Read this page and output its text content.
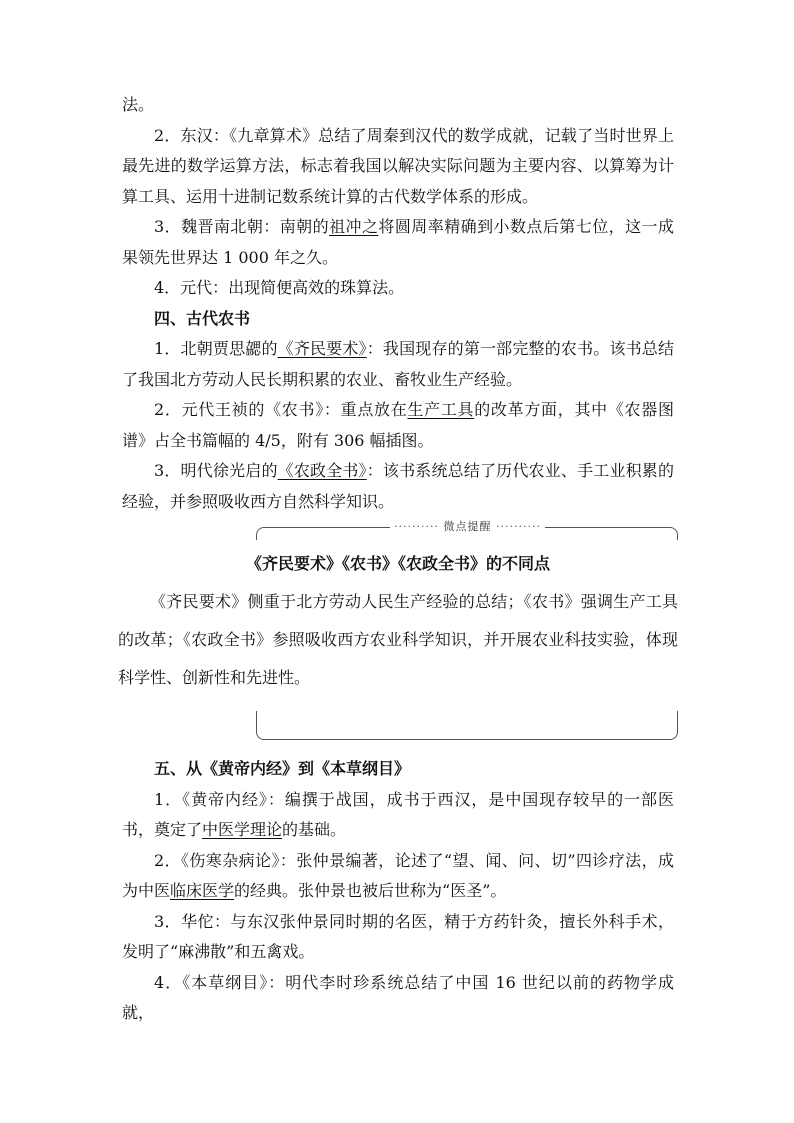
法。

2．东汉：《九章算术》总结了周秦到汉代的数学成就，记载了当时世界上最先进的数学运算方法，标志着我国以解决实际问题为主要内容、以算筹为计算工具、运用十进制记数系统计算的古代数学体系的形成。

3．魏晋南北朝：南朝的祖冲之将圆周率精确到小数点后第七位，这一成果领先世界达 1 000 年之久。

4．元代：出现简便高效的珠算法。

四、古代农书

1．北朝贾思勰的《齐民要术》：我国现存的第一部完整的农书。该书总结了我国北方劳动人民长期积累的农业、畜牧业生产经验。

2．元代王祯的《农书》：重点放在生产工具的改革方面，其中《农器图谱》占全书篇幅的 4/5，附有 306 幅插图。

3．明代徐光启的《农政全书》：该书系统总结了历代农业、手工业积累的经验，并参照吸收西方自然科学知识。

·········· 微点提醒 ··········
《齐民要术》《农书》《农政全书》的不同点

《齐民要术》侧重于北方劳动人民生产经验的总结；《农书》强调生产工具的改革；《农政全书》参照吸收西方农业科学知识，并开展农业科技实验，体现科学性、创新性和先进性。

五、从《黄帝内经》到《本草纲目》

1．《黄帝内经》：编撰于战国，成书于西汉，是中国现存较早的一部医书，奠定了中医学理论的基础。

2．《伤寒杂病论》：张仲景编著，论述了“望、闻、问、切”四诊疗法，成为中医临床医学的经典。张仲景也被后世称为“医圣”。

3．华佗：与东汉张仲景同时期的名医，精于方药针灸，擅长外科手术，发明了“麻沸散”和五禽戏。

4．《本草纲目》：明代李时珍系统总结了中国 16 世纪以前的药物学成就，
